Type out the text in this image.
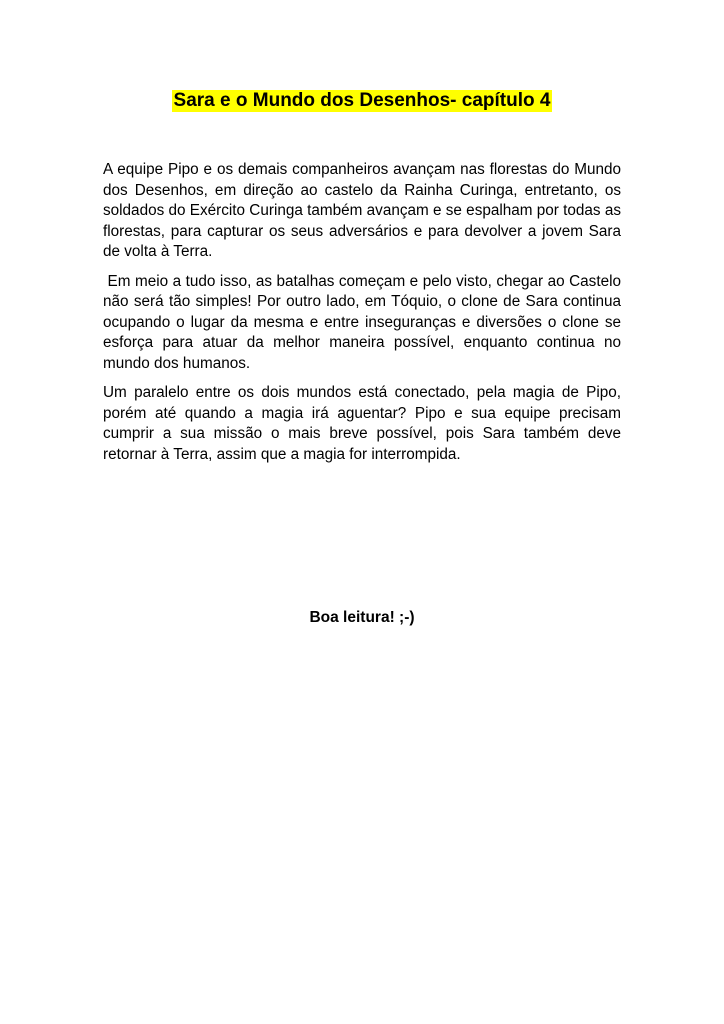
Sara e o Mundo dos Desenhos- capítulo 4

A equipe Pipo e os demais companheiros avançam nas florestas do Mundo dos Desenhos, em direção ao castelo da Rainha Curinga, entretanto, os soldados do Exército Curinga também avançam e se espalham por todas as florestas, para capturar os seus adversários e para devolver a jovem Sara de volta à Terra.

Em meio a tudo isso, as batalhas começam e pelo visto, chegar ao Castelo não será tão simples! Por outro lado, em Tóquio, o clone de Sara continua ocupando o lugar da mesma e entre inseguranças e diversões o clone se esforça para atuar da melhor maneira possível, enquanto continua no mundo dos humanos.

Um paralelo entre os dois mundos está conectado, pela magia de Pipo, porém até quando a magia irá aguentar? Pipo e sua equipe precisam cumprir a sua missão o mais breve possível, pois Sara também deve retornar à Terra, assim que a magia for interrompida.

Boa leitura! ;-)
